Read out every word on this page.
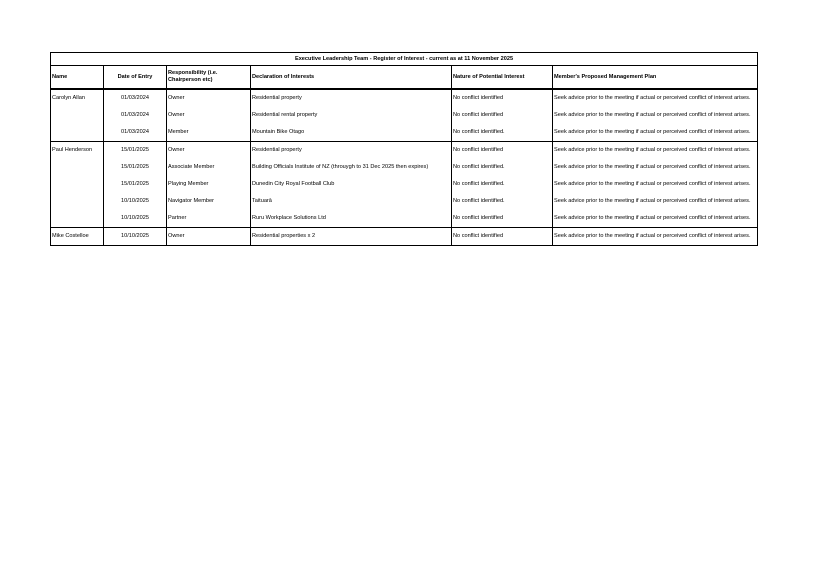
Executive Leadership Team - Register of Interest - current as at 11 November 2025					
Name	Date of Entry	Responsibility (i.e. Chairperson etc)	Declaration of Interests	Nature of Potential Interest	Member's Proposed Management Plan
Carolyn Allan	01/03/2024	Owner	Residential property	No conflict identified	Seek advice prior to the meeting if actual or perceived conflict of interest arises.
	01/03/2024	Owner	Residential rental property	No conflict identified	Seek advice prior to the meeting if actual or perceived conflict of interest arises.
	01/03/2024	Member	Mountain Bike Otago	No conflict identified.	Seek advice prior to the meeting if actual or perceived conflict of interest arises.
Paul Henderson	15/01/2025	Owner	Residential property	No conflict identified	Seek advice prior to the meeting if actual or perceived conflict of interest arises.
	15/01/2025	Associate Member	Building Officials Institute of NZ (throuygh to 31 Dec 2025 then expires)	No conflict identified.	Seek advice prior to the meeting if actual or perceived conflict of interest arises.
	15/01/2025	Playing Member	Dunedin City Royal Football Club	No conflict identified.	Seek advice prior to the meeting if actual or perceived conflict of interest arises.
	10/10/2025	Navigator Member	Taituarā	No conflict identified.	Seek advice prior to the meeting if actual or perceived conflict of interest arises.
	10/10/2025	Partner	Ruru Workplace Solutions Ltd	No conflict identified	Seek advice prior to the meeting if actual or perceived conflict of interest arises.
Mike Costelloe	10/10/2025	Owner	Residential properties x 2	No conflict identified	Seek advice prior to the meeting if actual or perceived conflict of interest arises.
